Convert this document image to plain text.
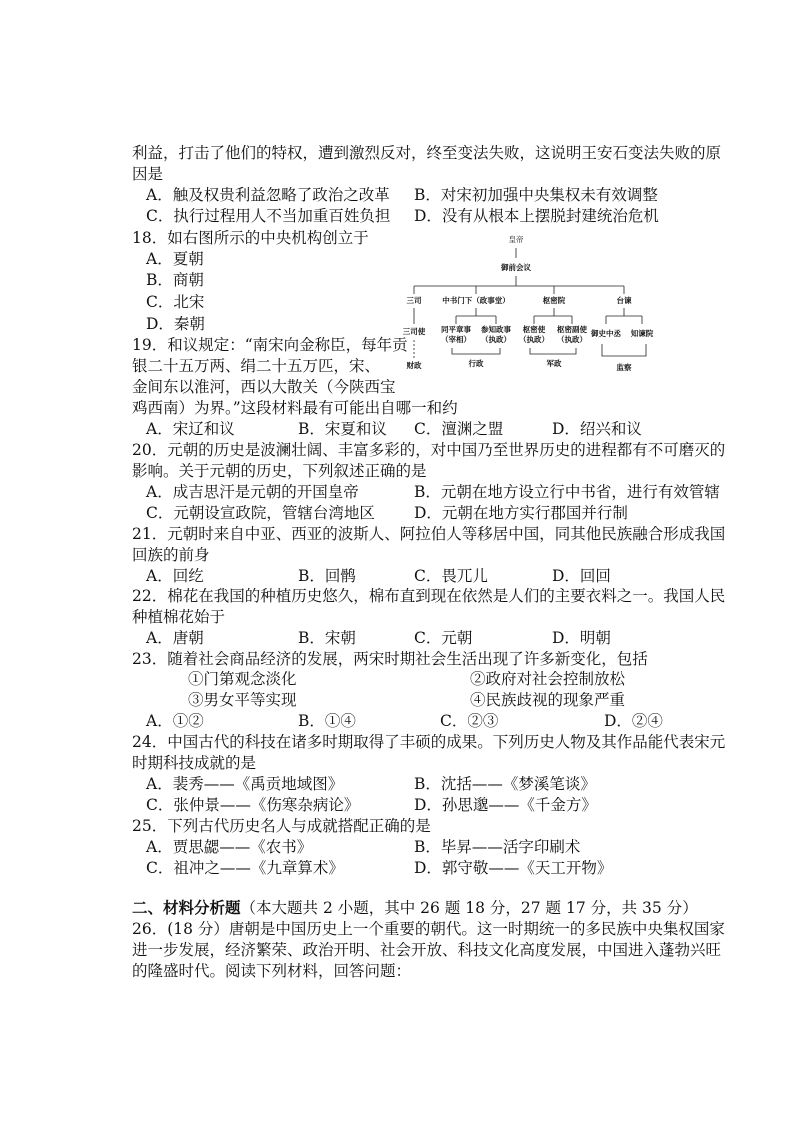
利益，打击了他们的特权，遭到激烈反对，终至变法失败，这说明王安石变法失败的原
因是
A．触及权贵利益忽略了政治之改革 B．对宋初加强中央集权未有效调整
C．执行过程用人不当加重百姓负担 D．没有从根本上摆脱封建统治危机
18．如右图所示的中央机构创立于
A．夏朝
B．商朝
C．北宋
D．秦朝
皇帝
御前会议
三司	中书门下（政事堂）	枢密院	台谏
三司使 同平章事
（宰相）
参知政事
（执政）
枢密使
（执政）
枢密副使
（执政）
御史中丞 知谏院
财政	行政	军政	监察
19．和议规定：“南宋向金称臣，每年贡
银二十五万两、绢二十五万匹，宋、
金间东以淮河，西以大散关（今陕西宝
鸡西南）为界。”这段材料最有可能出自哪一和约
A．宋辽和议	B．宋夏和议 C．澶渊之盟	D．绍兴和议
20．元朝的历史是波澜壮阔、丰富多彩的，对中国乃至世界历史的进程都有不可磨灭的
影响。关于元朝的历史，下列叙述正确的是
A．成吉思汗是元朝的开国皇帝	B．元朝在地方设立行中书省，进行有效管辖
C．元朝设宣政院，管辖台湾地区	D．元朝在地方实行郡国并行制
21．元朝时来自中亚、西亚的波斯人、阿拉伯人等移居中国，同其他民族融合形成我国
回族的前身
A．回纥	B．回鹘	C．畏兀儿	D．回回
22．棉花在我国的种植历史悠久，棉布直到现在依然是人们的主要衣料之一。我国人民
种植棉花始于
A．唐朝	B．宋朝	C．元朝	D．明朝
23．随着社会商品经济的发展，两宋时期社会生活出现了许多新变化，包括
①门第观念淡化	②政府对社会控制放松
③男女平等实现	④民族歧视的现象严重
A．①②	B．①④	C．②③	D．②④
24．中国古代的科技在诸多时期取得了丰硕的成果。下列历史人物及其作品能代表宋元
时期科技成就的是
A．裴秀——《禹贡地域图》	B．沈括——《梦溪笔谈》
C．张仲景——《伤寒杂病论》	D．孙思邈——《千金方》
25．下列古代历史名人与成就搭配正确的是
A．贾思勰——《农书》	B．毕昇——活字印刷术
C．祖冲之——《九章算术》	D．郭守敬——《天工开物》
二、材料分析题（本大题共 2 小题，其中 26 题 18 分，27 题 17 分，共 35 分）
26．(18 分）唐朝是中国历史上一个重要的朝代。这一时期统一的多民族中央集权国家
进一步发展，经济繁荣、政治开明、社会开放、科技文化高度发展，中国进入蓬勃兴旺
的隆盛时代。阅读下列材料，回答问题：
